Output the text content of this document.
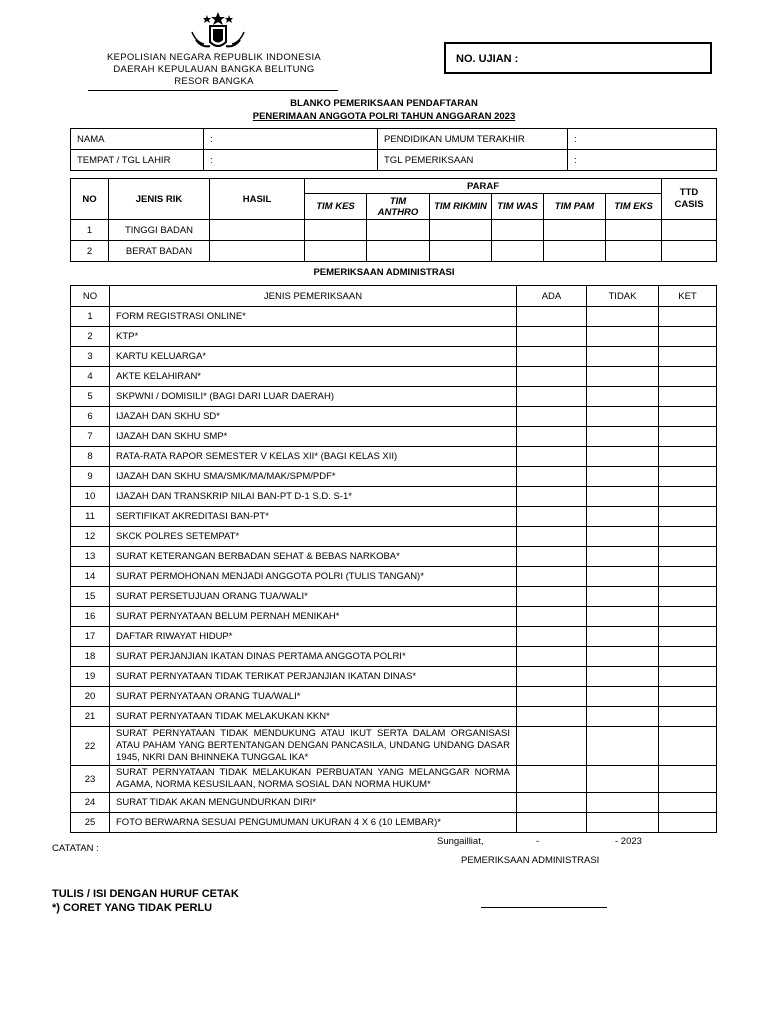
KEPOLISIAN NEGARA REPUBLIK INDONESIA
DAERAH KEPULAUAN BANGKA BELITUNG
RESOR BANGKA
NO. UJIAN :
BLANKO PEMERIKSAAN PENDAFTARAN
PENERIMAAN ANGGOTA POLRI TAHUN ANGGARAN 2023
NAMA	:	PENDIDIKAN UMUM TERAKHIR	:
TEMPAT / TGL LAHIR	:	TGL PEMERIKSAAN	:
NO	JENIS RIK	HASIL	PARAF						TTD CASIS
			TIM KES	TIM ANTHRO	TIM RIKMIN	TIM WAS	TIM PAM	TIM EKS	
1	TINGGI BADAN								
2	BERAT BADAN								
PEMERIKSAAN ADMINISTRASI
NO	JENIS PEMERIKSAAN	ADA	TIDAK	KET
1	FORM REGISTRASI ONLINE*			
2	KTP*			
3	KARTU KELUARGA*			
4	AKTE KELAHIRAN*			
5	SKPWNI / DOMISILI* (BAGI DARI LUAR DAERAH)			
6	IJAZAH DAN SKHU SD*			
7	IJAZAH DAN SKHU SMP*			
8	RATA-RATA RAPOR SEMESTER V KELAS XII* (BAGI KELAS XII)			
9	IJAZAH DAN SKHU SMA/SMK/MA/MAK/SPM/PDF*			
10	IJAZAH DAN TRANSKRIP NILAI BAN-PT D-1 S.D. S-1*			
11	SERTIFIKAT AKREDITASI BAN-PT*			
12	SKCK POLRES SETEMPAT*			
13	SURAT KETERANGAN BERBADAN SEHAT & BEBAS NARKOBA*			
14	SURAT PERMOHONAN MENJADI ANGGOTA POLRI (TULIS TANGAN)*			
15	SURAT PERSETUJUAN ORANG TUA/WALI*			
16	SURAT PERNYATAAN BELUM PERNAH MENIKAH*			
17	DAFTAR RIWAYAT HIDUP*			
18	SURAT PERJANJIAN IKATAN DINAS PERTAMA ANGGOTA POLRI*			
19	SURAT PERNYATAAN TIDAK TERIKAT PERJANJIAN IKATAN DINAS*			
20	SURAT PERNYATAAN ORANG TUA/WALI*			
21	SURAT PERNYATAAN TIDAK MELAKUKAN KKN*			
22	SURAT PERNYATAAN TIDAK MENDUKUNG ATAU IKUT SERTA DALAM ORGANISASI ATAU PAHAM YANG BERTENTANGAN DENGAN PANCASILA, UNDANG UNDANG DASAR 1945, NKRI DAN BHINNEKA TUNGGAL IKA*			
23	SURAT PERNYATAAN TIDAK MELAKUKAN PERBUATAN YANG MELANGGAR NORMA AGAMA, NORMA KESUSILAAN, NORMA SOSIAL DAN NORMA HUKUM*			
24	SURAT TIDAK AKAN MENGUNDURKAN DIRI*			
25	FOTO BERWARNA SESUAI PENGUMUMAN UKURAN 4 X 6 (10 LEMBAR)*			
CATATAN :
Sungailliat,	-	- 2023
PEMERIKSAAN ADMINISTRASI
TULIS / ISI DENGAN HURUF CETAK
*) CORET YANG TIDAK PERLU
